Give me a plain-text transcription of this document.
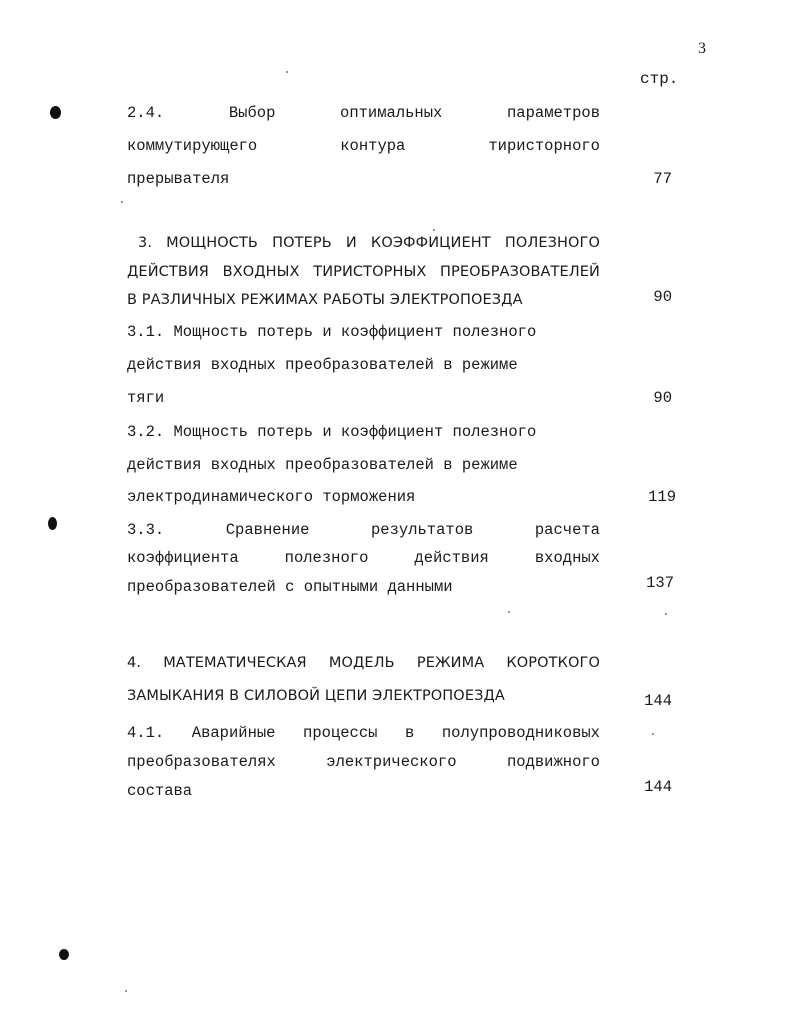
3
стр.
2.4.	Выбор	оптимальных	параметров
коммутирующего	контура	тиристорного
прерывателя	77
3. МОЩНОСТЬ ПОТЕРЬ И КОЭФФИЦИЕНТ ПОЛЕЗНОГО
ДЕЙСТВИЯ ВХОДНЫХ ТИРИСТОРНЫХ ПРЕОБРАЗОВАТЕЛЕЙ
В РАЗЛИЧНЫХ РЕЖИМАХ РАБОТЫ ЭЛЕКТРОПОЕЗДА	90
3.1. Мощность потерь и коэффициент полезного
действия входных преобразователей в режиме
тяги	90
3.2. Мощность потерь и коэффициент полезного
действия входных преобразователей в режиме
электродинамического торможения	119
3.3.	Сравнение	результатов	расчета
коэффициента	полезного	действия	входных
преобразователей с опытными данными	137
4. МАТЕМАТИЧЕСКАЯ МОДЕЛЬ РЕЖИМА КОРОТКОГО
ЗАМЫКАНИЯ В СИЛОВОЙ ЦЕПИ ЭЛЕКТРОПОЕЗДА	144
4.1. Аварийные процессы в полупроводниковых
преобразователях	электрического	подвижного
состава	144
